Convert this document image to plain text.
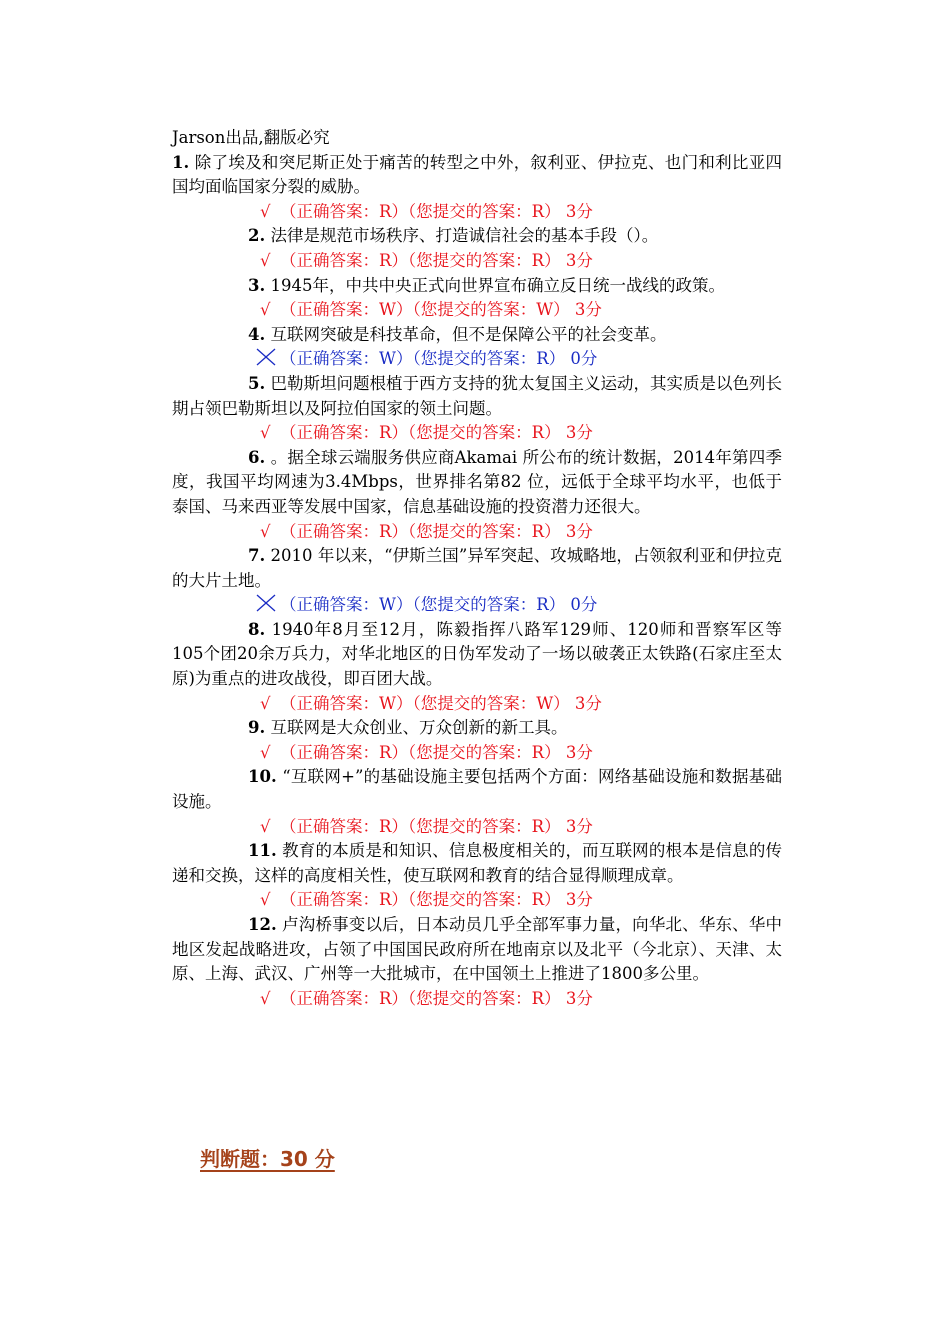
Jarson出品,翻版必究
1. 除了埃及和突尼斯正处于痛苦的转型之中外，叙利亚、伊拉克、也门和利比亚四国均面临国家分裂的威胁。
√ （正确答案：R）（您提交的答案：R） 3分
2. 法律是规范市场秩序、打造诚信社会的基本手段（）。
√ （正确答案：R）（您提交的答案：R） 3分
3. 1945年，中共中央正式向世界宣布确立反日统一战线的政策。
√ （正确答案：W）（您提交的答案：W） 3分
4. 互联网突破是科技革命，但不是保障公平的社会变革。
（正确答案：W）（您提交的答案：R） 0分
5. 巴勒斯坦问题根植于西方支持的犹太复国主义运动，其实质是以色列长期占领巴勒斯坦以及阿拉伯国家的领土问题。
√ （正确答案：R）（您提交的答案：R） 3分
6. 。据全球云端服务供应商Akamai 所公布的统计数据，2014年第四季度，我国平均网速为3.4Mbps，世界排名第82 位，远低于全球平均水平，也低于泰国、马来西亚等发展中国家，信息基础设施的投资潜力还很大。
√ （正确答案：R）（您提交的答案：R） 3分
7. 2010 年以来，“伊斯兰国”异军突起、攻城略地，占领叙利亚和伊拉克的大片土地。
（正确答案：W）（您提交的答案：R） 0分
8. 1940年8月至12月，陈毅指挥八路军129师、120师和晋察军区等105个团20余万兵力，对华北地区的日伪军发动了一场以破袭正太铁路(石家庄至太原)为重点的进攻战役，即百团大战。
√ （正确答案：W）（您提交的答案：W） 3分
9. 互联网是大众创业、万众创新的新工具。
√ （正确答案：R）（您提交的答案：R） 3分
10. “互联网+”的基础设施主要包括两个方面：网络基础设施和数据基础设施。
√ （正确答案：R）（您提交的答案：R） 3分
11. 教育的本质是和知识、信息极度相关的，而互联网的根本是信息的传递和交换，这样的高度相关性，使互联网和教育的结合显得顺理成章。
√ （正确答案：R）（您提交的答案：R） 3分
12. 卢沟桥事变以后，日本动员几乎全部军事力量，向华北、华东、华中地区发起战略进攻，占领了中国国民政府所在地南京以及北平（今北京）、天津、太原、上海、武汉、广州等一大批城市，在中国领土上推进了1800多公里。
√ （正确答案：R）（您提交的答案：R） 3分
判断题：30 分
